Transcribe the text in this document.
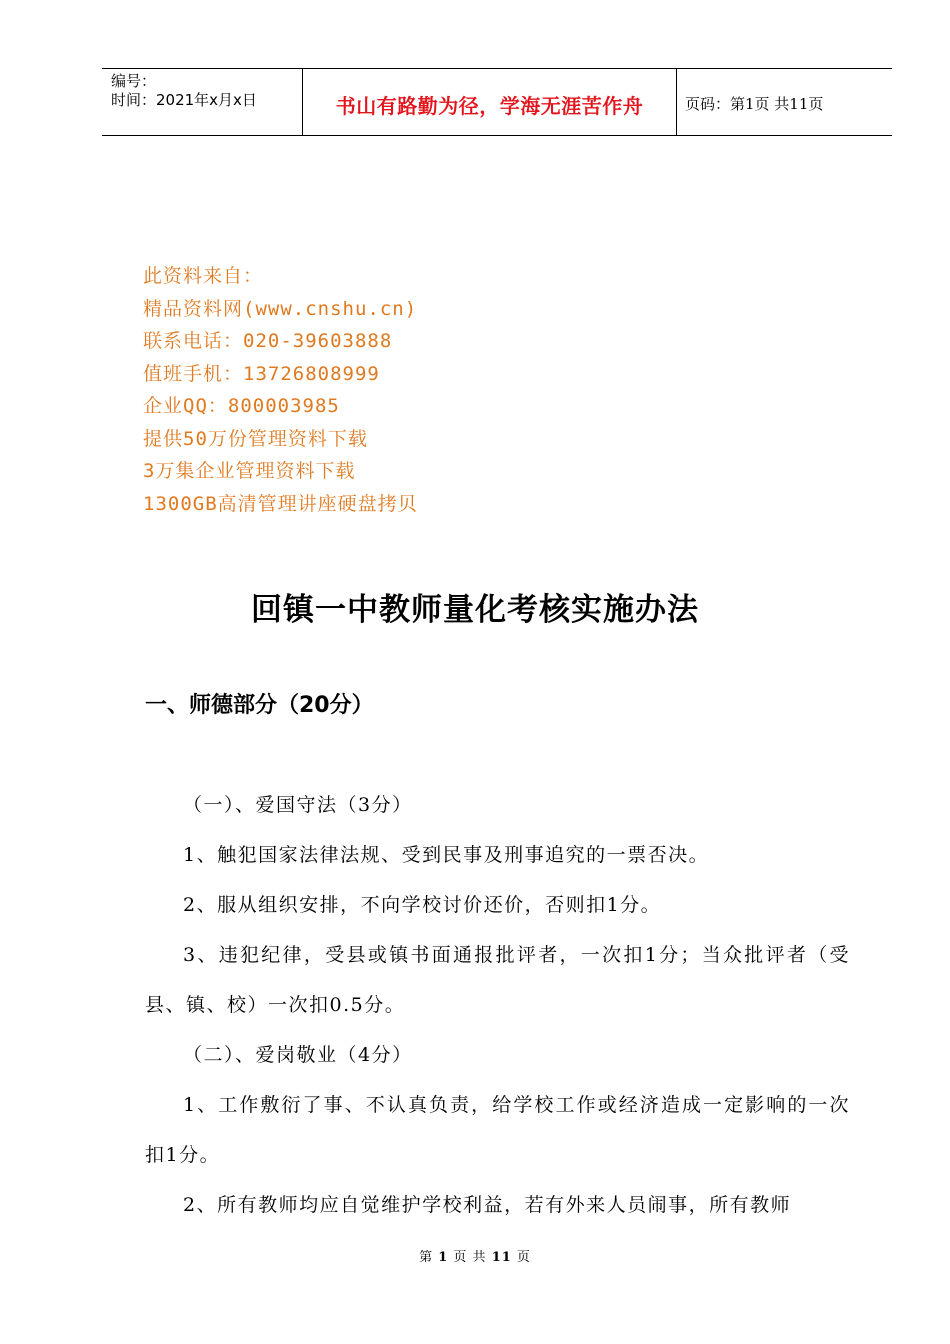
编号：
时间：2021年x月x日	书山有路勤为径，学海无涯苦作舟	页码：第1页 共11页
此资料来自：
精品资料网(www.cnshu.cn)
联系电话：020-39603888
值班手机：13726808999
企业QQ：800003985
提供50万份管理资料下载
3万集企业管理资料下载
1300GB高清管理讲座硬盘拷贝
回镇一中教师量化考核实施办法
一、师德部分（20分）

（一）、爱国守法（3分）

1、触犯国家法律法规、受到民事及刑事追究的一票否决。

2、服从组织安排，不向学校讨价还价，否则扣1分。

3、违犯纪律，受县或镇书面通报批评者，一次扣1分；当众批评者（受县、镇、校）一次扣0.5分。

（二）、爱岗敬业（4分）

1、工作敷衍了事、不认真负责，给学校工作或经济造成一定影响的一次扣1分。

2、所有教师均应自觉维护学校利益，若有外来人员闹事，所有教师

第 1 页 共 11 页
